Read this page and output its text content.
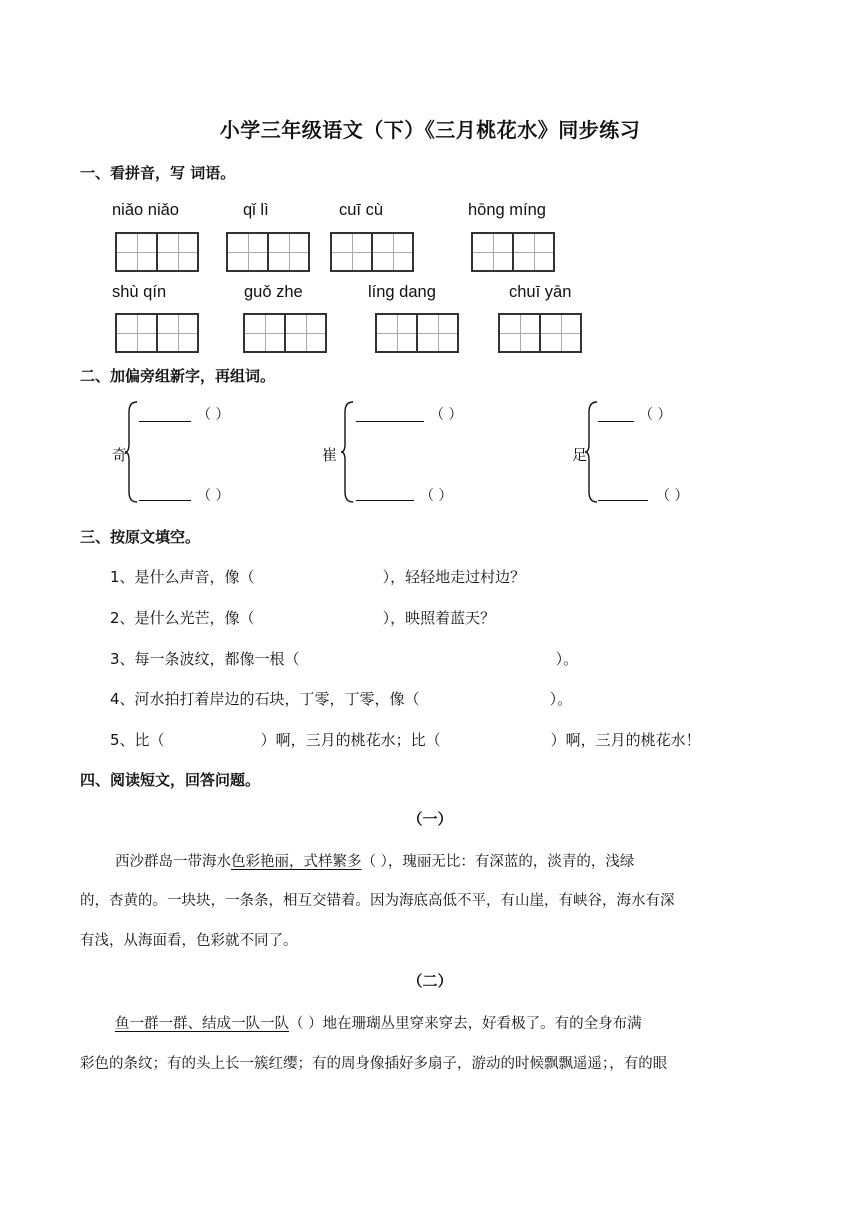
小学三年级语文（下）《三月桃花水》同步练习
一、看拼音，写 词语。
niǎo niǎo	qǐ lì	cuī cù	hōng míng
shù qín	guǒ zhe	líng dang	chuī yān
二、加偏旁组新字，再组词。
奇
（ ）
（ ）
崔
（ ）
（ ）
足
（ ）
（ ）
三、按原文填空。
1、是什么声音，像（	），轻轻地走过村边？
2、是什么光芒，像（	），映照着蓝天？
3、每一条波纹，都像一根（	）。
4、河水拍打着岸边的石块，丁零，丁零，像（	）。
5、比（	）啊，三月的桃花水；比（	）啊，三月的桃花水！
四、阅读短文，回答问题。
（一）
西沙群岛一带海水色彩艳丽，式样繁多（ ），瑰丽无比：有深蓝的，淡青的，浅绿
的，杏黄的。一块块，一条条，相互交错着。因为海底高低不平，有山崖，有峡谷，海水有深
有浅，从海面看，色彩就不同了。
（二）
鱼一群一群、结成一队一队（ ）地在珊瑚丛里穿来穿去，好看极了。有的全身布满
彩色的条纹；有的头上长一簇红缨；有的周身像插好多扇子，游动的时候飘飘遥遥；，有的眼
